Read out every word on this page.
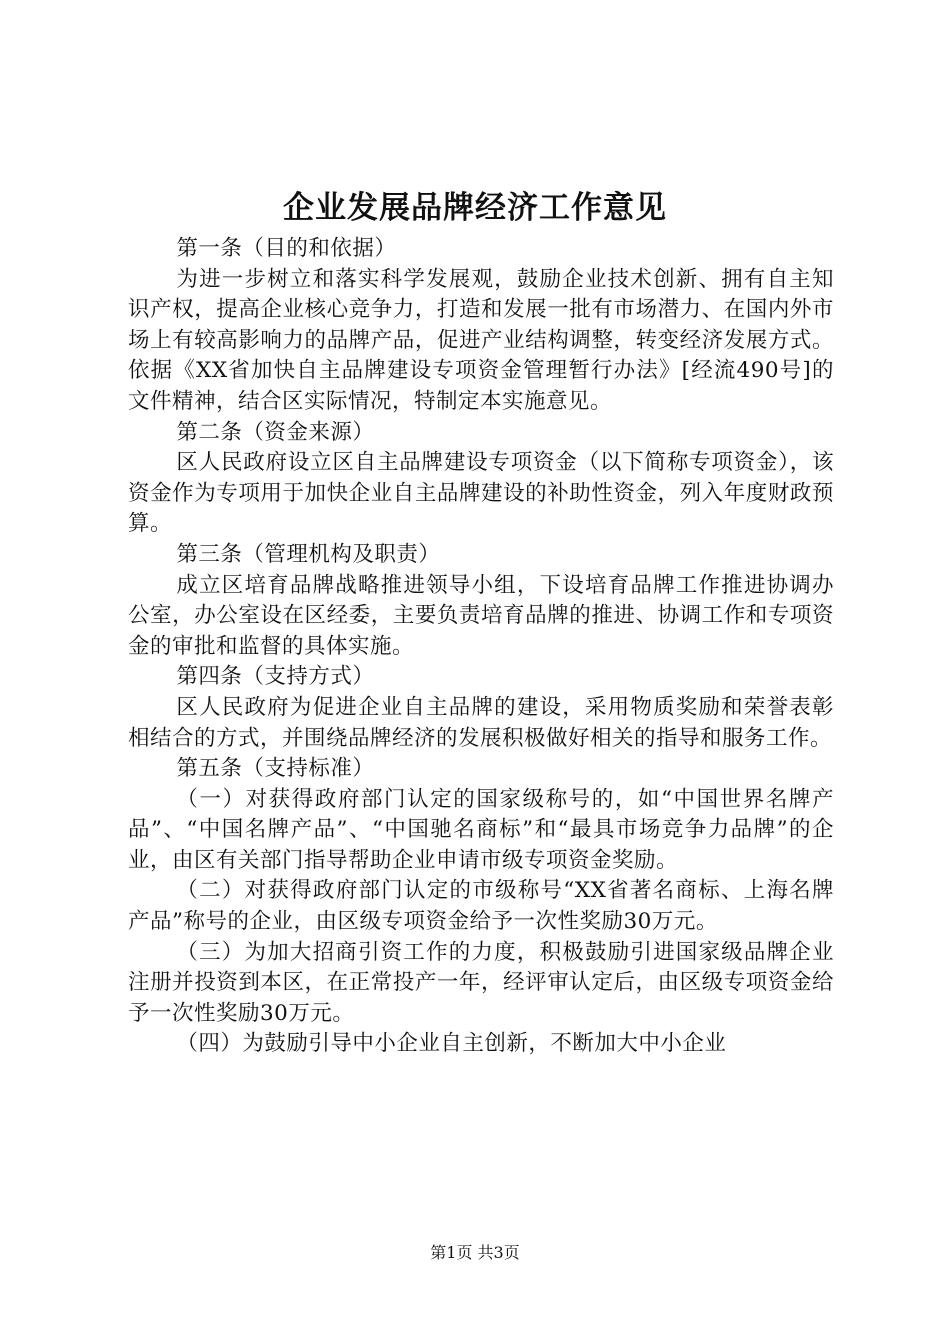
企业发展品牌经济工作意见

第一条（目的和依据）

为进一步树立和落实科学发展观，鼓励企业技术创新、拥有自主知识产权，提高企业核心竞争力，打造和发展一批有市场潜力、在国内外市场上有较高影响力的品牌产品，促进产业结构调整，转变经济发展方式。依据《XX省加快自主品牌建设专项资金管理暂行办法》[经流490号]的文件精神，结合区实际情况，特制定本实施意见。

第二条（资金来源）

区人民政府设立区自主品牌建设专项资金（以下简称专项资金），该资金作为专项用于加快企业自主品牌建设的补助性资金，列入年度财政预算。

第三条（管理机构及职责）

成立区培育品牌战略推进领导小组，下设培育品牌工作推进协调办公室，办公室设在区经委，主要负责培育品牌的推进、协调工作和专项资金的审批和监督的具体实施。

第四条（支持方式）

区人民政府为促进企业自主品牌的建设，采用物质奖励和荣誉表彰相结合的方式，并围绕品牌经济的发展积极做好相关的指导和服务工作。

第五条（支持标准）

（一）对获得政府部门认定的国家级称号的，如“中国世界名牌产品”、“中国名牌产品”、“中国驰名商标”和“最具市场竞争力品牌”的企业，由区有关部门指导帮助企业申请市级专项资金奖励。

（二）对获得政府部门认定的市级称号“XX省著名商标、上海名牌产品”称号的企业，由区级专项资金给予一次性奖励30万元。

（三）为加大招商引资工作的力度，积极鼓励引进国家级品牌企业注册并投资到本区，在正常投产一年，经评审认定后，由区级专项资金给予一次性奖励30万元。

（四）为鼓励引导中小企业自主创新，不断加大中小企业

第1页 共3页
